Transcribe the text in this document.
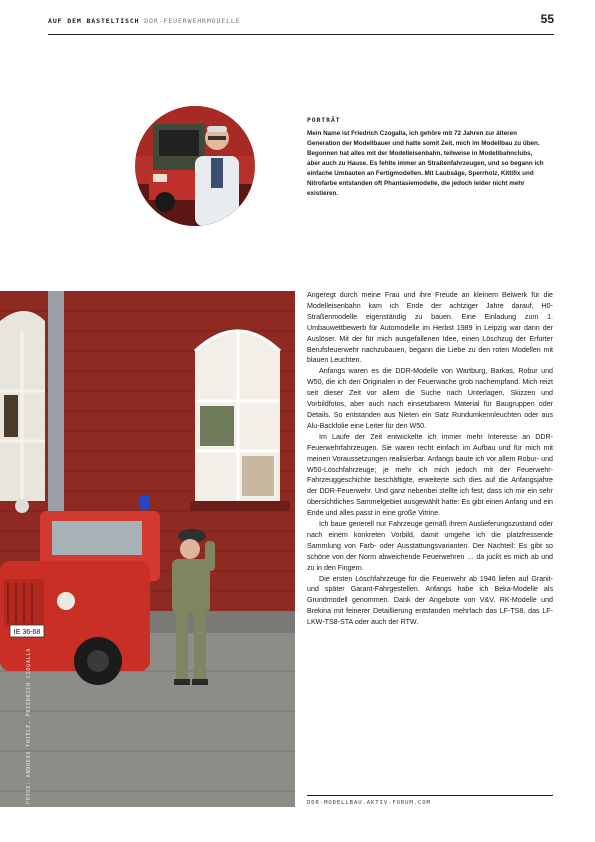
AUF DEM BASTELTISCH DDR-FEUERWEHRMODELLE	55
PORTRÄT
Mein Name ist Friedrich Czogalla, ich gehöre mit 72 Jahren zur älteren Generation der Modellbauer und hatte somit Zeit, mich im Modellbau zu üben. Begonnen hat alles mit der Modelleisenbahn, teilweise in Modellbahnclubs, aber auch zu Hause. Es fehlte immer an Straßenfahrzeugen, und so begann ich einfache Umbauten an Fertigmodellen. Mit Laubsäge, Sperrholz, Kittifix und Nitrofarbe entstanden oft Phantasiemodelle, die jedoch leider nicht mehr existieren.
IE 36-68
FOTOS: ANDREAS THIELE, FRIEDRICH CZOGALLA

Angeregt durch meine Frau und ihre Freude an kleinem Beiwerk für die Modelleisenbahn kam ich Ende der achtziger Jahre darauf, H0-Straßenmodelle eigenständig zu bauen. Eine Einladung zum 1. Umbauwettbewerb für Automodelle im Herbst 1989 in Leipzig war dann der Auslöser. Mit der für mich ausgefallenen Idee, einen Löschzug der Erfurter Berufsfeuerwehr nachzubauen, begann die Liebe zu den roten Modellen mit blauen Leuchten.

Anfangs waren es die DDR-Modelle von Wartburg, Barkas, Robur und W50, die ich den Originalen in der Feuerwache grob nachempfand. Mich reizt seit dieser Zeit vor allem die Suche nach Unterlagen, Skizzen und Vorbildfotos, aber auch nach einsetzbarem Material für Baugruppen oder Details. So entstanden aus Nieten ein Satz Rundumkennleuchten oder aus Alu-Backfolie eine Leiter für den W50.

Im Laufe der Zeit entwickelte ich immer mehr Interesse an DDR-Feuerwehrfahrzeugen. Sie waren recht einfach im Aufbau und für mich mit meinen Voraussetzungen realisierbar. Anfangs baute ich vor allem Robur- und W50-Löschfahrzeuge; je mehr ich mich jedoch mit der Feuerwehr-Fahrzeuggeschichte beschäftigte, erweiterte sich dies auf die Anfangsjahre der DDR-Feuerwehr. Und ganz nebenbei stellte ich fest, dass ich mir ein sehr übersichtliches Sammelgebiet ausgewählt hatte: Es gibt einen Anfang und ein Ende und alles passt in eine große Vitrine.

Ich baue generell nur Fahrzeuge gemäß ihrem Auslieferungszustand oder nach einem konkreten Vorbild, damit umgehe ich die platzfressende Sammlung von Farb- oder Ausstattungsvarianten. Der Nachteil: Es gibt so schöne von der Norm abweichende Feuerwehren … da juckt es mich ab und zu in den Fingern.

Die ersten Löschfahrzeuge für die Feuerwehr ab 1946 liefen auf Granit- und später Garant-Fahrgestellen. Anfangs habe ich Beka-Modelle als Grundmodell genommen. Dank der Angebote von V&V, RK-Modelle und Brekina mit feinerer Detaillierung entstanden mehrfach das LF-TS8, das LF-LKW-TS8-STA oder auch der RTW.

DDR-MODELLBAU.AKTIV-FORUM.COM
